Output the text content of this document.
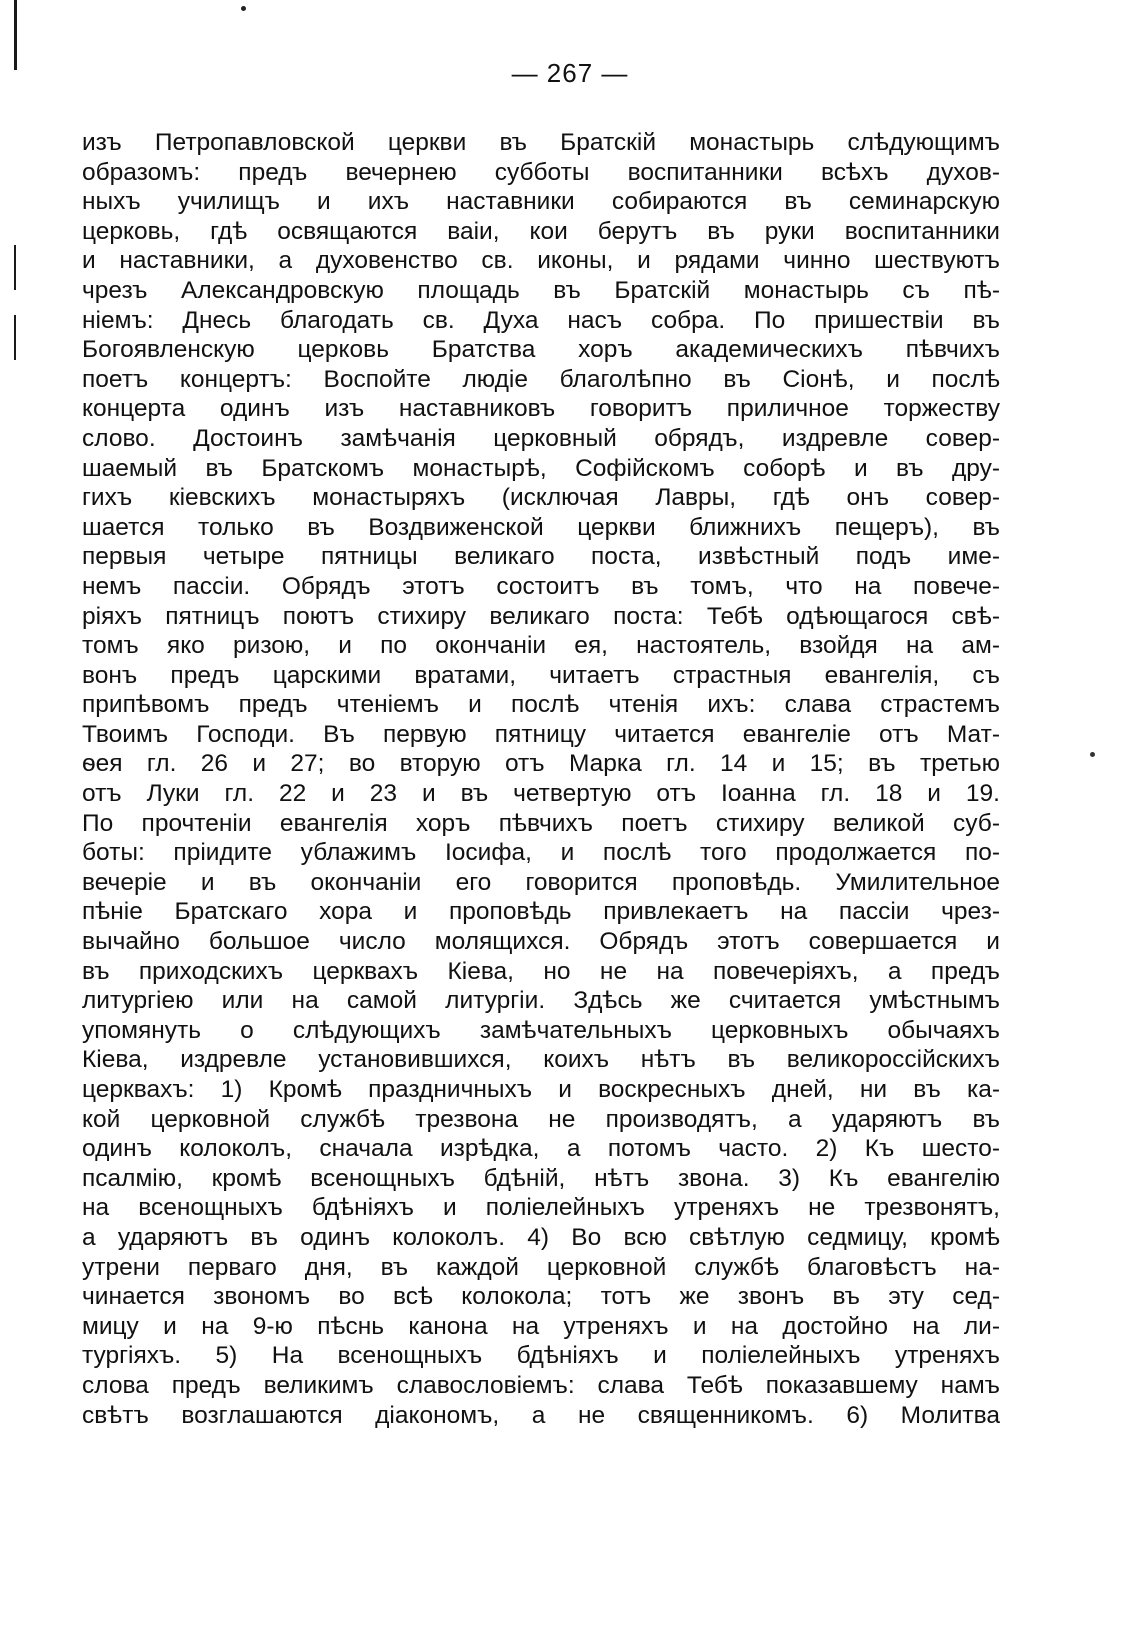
— 267 —
изъ Петропавловской церкви въ Братскій монастырь слѣдующимъ
образомъ: предъ вечернею субботы воспитанники всѣхъ духов-
ныхъ училищъ и ихъ наставники собираются въ семинарскую
церковь, гдѣ освящаются ваіи, кои берутъ въ руки воспитанники
и наставники, а духовенство св. иконы, и рядами чинно шествуютъ
чрезъ Александровскую площадь въ Братскій монастырь съ пѣ-
ніемъ: Днесь благодать св. Духа насъ собра. По пришествіи въ
Богоявленскую церковь Братства хоръ академическихъ пѣвчихъ
поетъ концертъ: Воспойте людіе благолѣпно въ Сіонѣ, и послѣ
концерта одинъ изъ наставниковъ говоритъ приличное торжеству
слово. Достоинъ замѣчанія церковный обрядъ, издревле совер-
шаемый въ Братскомъ монастырѣ, Софійскомъ соборѣ и въ дру-
гихъ кіевскихъ монастыряхъ (исключая Лавры, гдѣ онъ совер-
шается только въ Воздвиженской церкви ближнихъ пещеръ), въ
первыя четыре пятницы великаго поста, извѣстный подъ име-
немъ пассіи. Обрядъ этотъ состоитъ въ томъ, что на повече-
ріяхъ пятницъ поютъ стихиру великаго поста: Тебѣ одѣющагося свѣ-
томъ яко ризою, и по окончаніи ея, настоятель, взойдя на ам-
вонъ предъ царскими вратами, читаетъ страстныя евангелія, съ
припѣвомъ предъ чтеніемъ и послѣ чтенія ихъ: слава страстемъ
Твоимъ Господи. Въ первую пятницу читается евангеліе отъ Мат-
ѳея гл. 26 и 27; во вторую отъ Марка гл. 14 и 15; въ третью
отъ Луки гл. 22 и 23 и въ четвертую отъ Іоанна гл. 18 и 19.
По прочтеніи евангелія хоръ пѣвчихъ поетъ стихиру великой суб-
боты: пріидите ублажимъ Іосифа, и послѣ того продолжается по-
вечеріе и въ окончаніи его говорится проповѣдь. Умилительное
пѣніе Братскаго хора и проповѣдь привлекаетъ на пассіи чрез-
вычайно большое число молящихся. Обрядъ этотъ совершается и
въ приходскихъ церквахъ Кіева, но не на повечеріяхъ, а предъ
литургіею или на самой литургіи. Здѣсь же считается умѣстнымъ
упомянуть о слѣдующихъ замѣчательныхъ церковныхъ обычаяхъ
Кіева, издревле установившихся, коихъ нѣтъ въ великороссійскихъ
церквахъ: 1) Кромѣ праздничныхъ и воскресныхъ дней, ни въ ка-
кой церковной службѣ трезвона не производятъ, а ударяютъ въ
одинъ колоколъ, сначала изрѣдка, а потомъ часто. 2) Къ шесто-
псалмію, кромѣ всенощныхъ бдѣній, нѣтъ звона. 3) Къ евангелію
на всенощныхъ бдѣніяхъ и поліелейныхъ утреняхъ не трезвонятъ,
а ударяютъ въ одинъ колоколъ. 4) Во всю свѣтлую седмицу, кромѣ
утрени перваго дня, въ каждой церковной службѣ благовѣстъ на-
чинается звономъ во всѣ колокола; тотъ же звонъ въ эту сед-
мицу и на 9-ю пѣснь канона на утреняхъ и на достойно на ли-
тургіяхъ. 5) На всенощныхъ бдѣніяхъ и поліелейныхъ утреняхъ
слова предъ великимъ славословіемъ: слава Тебѣ показавшему намъ
свѣтъ возглашаются діакономъ, а не священникомъ. 6) Молитва
